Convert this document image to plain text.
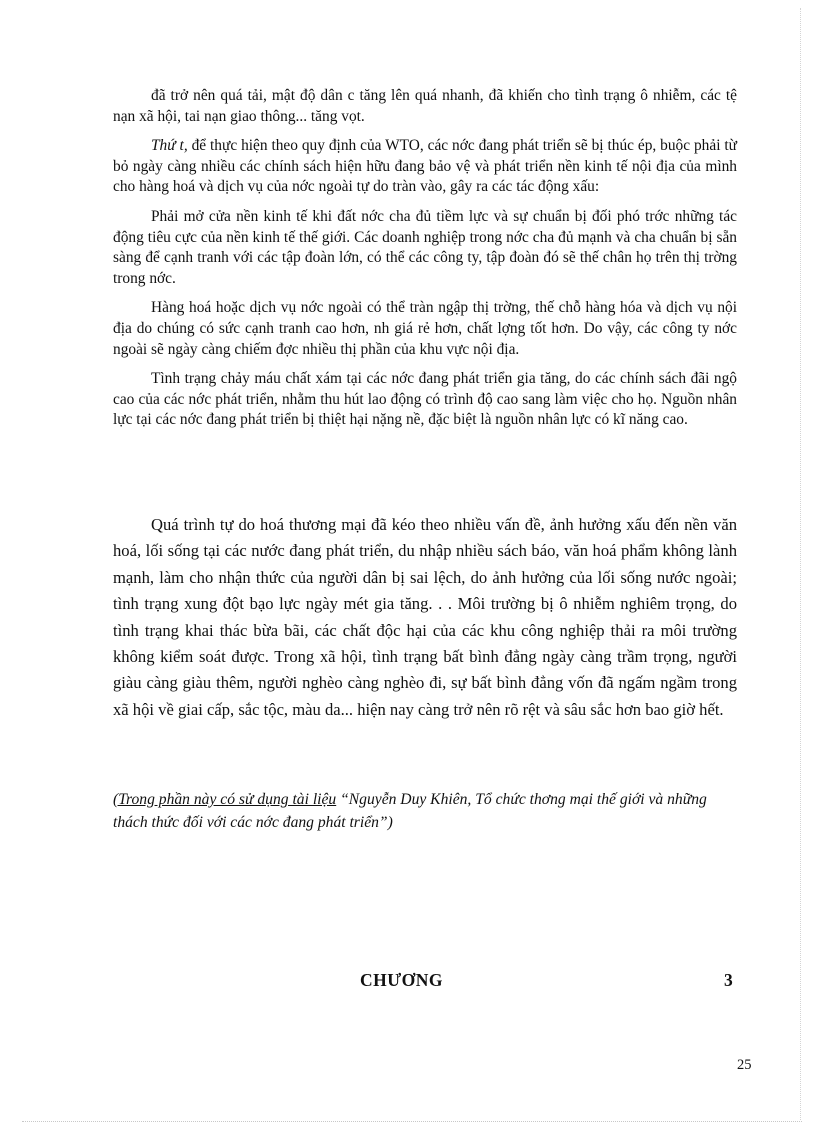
đã trở nên quá tải, mật độ dân c tăng lên quá nhanh, đã khiến cho tình trạng ô nhiễm, các tệ nạn xã hội, tai nạn giao thông... tăng vọt.

Thứ t, để thực hiện theo quy định của WTO, các nớc đang phát triển sẽ bị thúc ép, buộc phải từ bỏ ngày càng nhiều các chính sách hiện hữu đang bảo vệ và phát triển nền kinh tế nội địa của mình cho hàng hoá và dịch vụ của nớc ngoài tự do tràn vào, gây ra các tác động xấu:

Phải mở cửa nền kinh tế khi đất nớc cha đủ tiềm lực và sự chuẩn bị đối phó trớc những tác động tiêu cực của nền kinh tế thế giới. Các doanh nghiệp trong nớc cha đủ mạnh và cha chuẩn bị sẵn sàng để cạnh tranh với các tập đoàn lớn, có thể các công ty, tập đoàn đó sẽ thế chân họ trên thị trờng trong nớc.

Hàng hoá hoặc dịch vụ nớc ngoài có thể tràn ngập thị trờng, thế chỗ hàng hóa và dịch vụ nội địa do chúng có sức cạnh tranh cao hơn, nh giá rẻ hơn, chất lợng tốt hơn. Do vậy, các công ty nớc ngoài sẽ ngày càng chiếm đợc nhiều thị phần của khu vực nội địa.

Tình trạng chảy máu chất xám tại các nớc đang phát triển gia tăng, do các chính sách đãi ngộ cao của các nớc phát triển, nhằm thu hút lao động có trình độ cao sang làm việc cho họ. Nguồn nhân lực tại các nớc đang phát triển bị thiệt hại nặng nề, đặc biệt là nguồn nhân lực có kĩ năng cao.

Quá trình tự do hoá thương mại đã kéo theo nhiều vấn đề, ảnh hưởng xấu đến nền văn hoá, lối sống tại các nước đang phát triển, du nhập nhiều sách báo, văn hoá phẩm không lành mạnh, làm cho nhận thức của người dân bị sai lệch, do ảnh hưởng của lối sống nước ngoài; tình trạng xung đột bạo lực ngày mét gia tăng. . . Môi trường bị ô nhiễm nghiêm trọng, do tình trạng khai thác bừa bãi, các chất độc hại của các khu công nghiệp thải ra môi trường không kiểm soát được. Trong xã hội, tình trạng bất bình đẳng ngày càng trầm trọng, người giàu càng giàu thêm, người nghèo càng nghèo đi, sự bất bình đẳng vốn đã ngấm ngầm trong xã hội về giai cấp, sắc tộc, màu da... hiện nay càng trở nên rõ rệt và sâu sắc hơn bao giờ hết.

(Trong phần này có sử dụng tài liệu “Nguyễn Duy Khiên, Tổ chức thơng mại thế giới và những thách thức đối với các nớc đang phát triển”)

CHƯƠNG	3
25
